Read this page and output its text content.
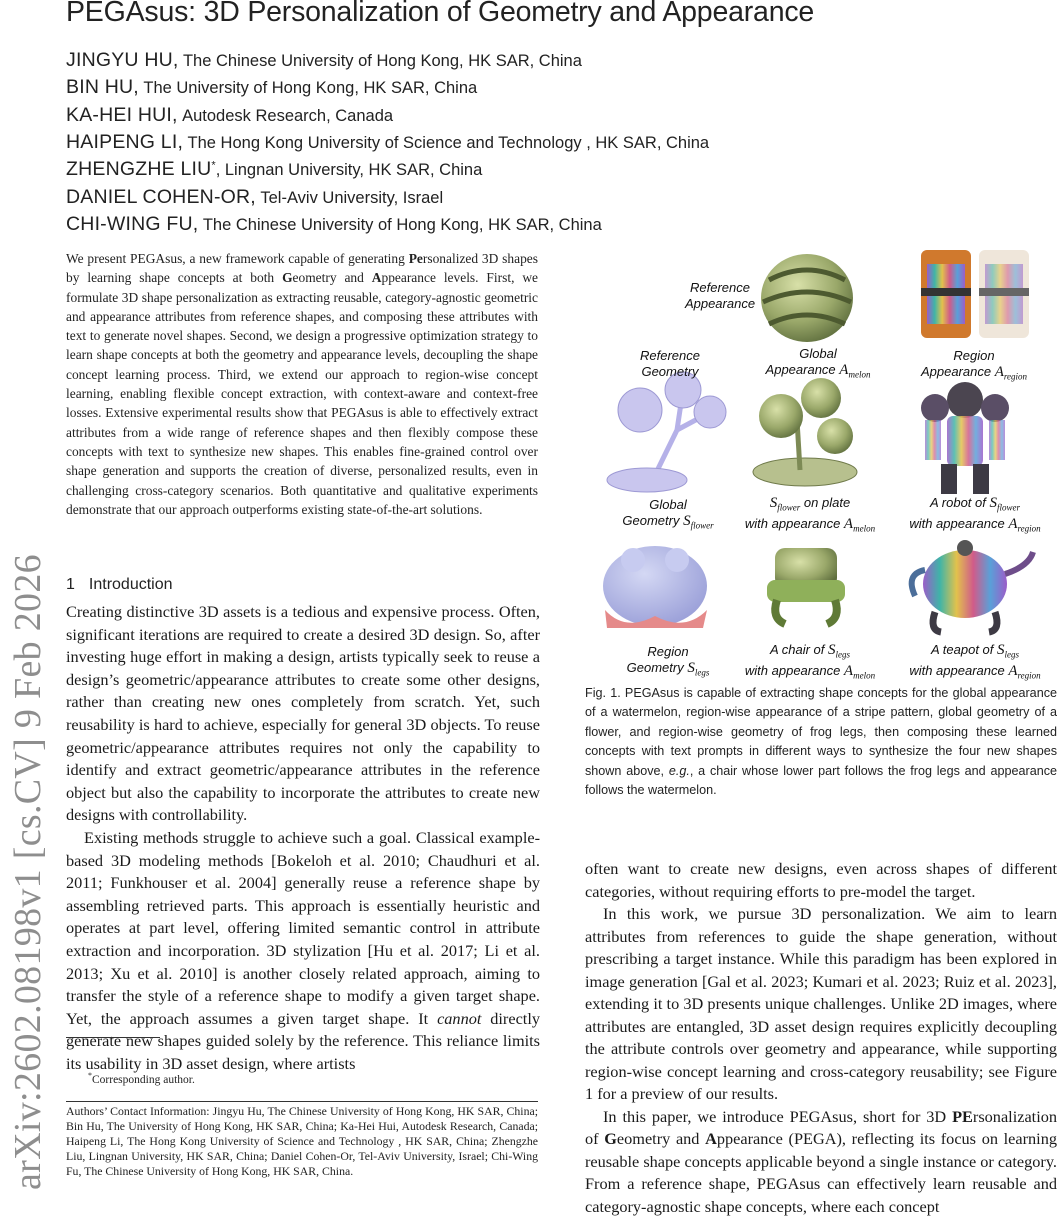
arXiv:2602.08198v1 [cs.CV] 9 Feb 2026
PEGAsus: 3D Personalization of Geometry and Appearance
JINGYU HU, The Chinese University of Hong Kong, HK SAR, China
BIN HU, The University of Hong Kong, HK SAR, China
KA-HEI HUI, Autodesk Research, Canada
HAIPENG LI, The Hong Kong University of Science and Technology , HK SAR, China
ZHENGZHE LIU*, Lingnan University, HK SAR, China
DANIEL COHEN-OR, Tel-Aviv University, Israel
CHI-WING FU, The Chinese University of Hong Kong, HK SAR, China
We present PEGAsus, a new framework capable of generating Personalized 3D shapes by learning shape concepts at both Geometry and Appearance levels. First, we formulate 3D shape personalization as extracting reusable, category-agnostic geometric and appearance attributes from reference shapes, and composing these attributes with text to generate novel shapes. Second, we design a progressive optimization strategy to learn shape concepts at both the geometry and appearance levels, decoupling the shape concept learning process. Third, we extend our approach to region-wise concept learning, enabling flexible concept extraction, with context-aware and context-free losses. Extensive experimental results show that PEGAsus is able to effectively extract attributes from a wide range of reference shapes and then flexibly compose these concepts with text to synthesize new shapes. This enables fine-grained control over shape generation and supports the creation of diverse, personalized results, even in challenging cross-category scenarios. Both quantitative and qualitative experiments demonstrate that our approach outperforms existing state-of-the-art solutions.
1 Introduction

Creating distinctive 3D assets is a tedious and expensive process. Often, significant iterations are required to create a desired 3D design. So, after investing huge effort in making a design, artists typically seek to reuse a design’s geometric/appearance attributes to create some other designs, rather than creating new ones completely from scratch. Yet, such reusability is hard to achieve, especially for general 3D objects. To reuse geometric/appearance attributes requires not only the capability to identify and extract geometric/appearance attributes in the reference object but also the capability to incorporate the attributes to create new designs with controllability.

Existing methods struggle to achieve such a goal. Classical example-based 3D modeling methods [Bokeloh et al. 2010; Chaudhuri et al. 2011; Funkhouser et al. 2004] generally reuse a reference shape by assembling retrieved parts. This approach is essentially heuristic and operates at part level, offering limited semantic control in attribute extraction and incorporation. 3D stylization [Hu et al. 2017; Li et al. 2013; Xu et al. 2010] is another closely related approach, aiming to transfer the style of a reference shape to modify a given target shape. Yet, the approach assumes a given target shape. It cannot directly generate new shapes guided solely by the reference. This reliance limits its usability in 3D asset design, where artists

*Corresponding author.
Authors’ Contact Information: Jingyu Hu, The Chinese University of Hong Kong, HK SAR, China; Bin Hu, The University of Hong Kong, HK SAR, China; Ka-Hei Hui, Autodesk Research, Canada; Haipeng Li, The Hong Kong University of Science and Technology , HK SAR, China; Zhengzhe Liu, Lingnan University, HK SAR, China; Daniel Cohen-Or, Tel-Aviv University, Israel; Chi-Wing Fu, The Chinese University of Hong Kong, HK SAR, China.
Reference
Appearance
Global
Appearance $A_{melon}$
Region
Appearance $A_{region}$
Reference
Geometry
Global
Geometry $S_{flower}$
$S_{flower}$ on plate
with appearance $A_{melon}$
A robot of $S_{flower}$
with appearance $A_{region}$
Region
Geometry $S_{legs}$
A chair of $S_{legs}$
with appearance $A_{melon}$
A teapot of $S_{legs}$
with appearance $A_{region}$
Fig. 1. PEGAsus is capable of extracting shape concepts for the global appearance of a watermelon, region-wise appearance of a stripe pattern, global geometry of a flower, and region-wise geometry of frog legs, then composing these learned concepts with text prompts in different ways to synthesize the four new shapes shown above, e.g., a chair whose lower part follows the frog legs and appearance follows the watermelon.

often want to create new designs, even across shapes of different categories, without requiring efforts to pre-model the target.

In this work, we pursue 3D personalization. We aim to learn attributes from references to guide the shape generation, without prescribing a target instance. While this paradigm has been explored in image generation [Gal et al. 2023; Kumari et al. 2023; Ruiz et al. 2023], extending it to 3D presents unique challenges. Unlike 2D images, where attributes are entangled, 3D asset design requires explicitly decoupling the attribute controls over geometry and appearance, while supporting region-wise concept learning and cross-category reusability; see Figure 1 for a preview of our results.

In this paper, we introduce PEGAsus, short for 3D PErsonalization of Geometry and Appearance (PEGA), reflecting its focus on learning reusable shape concepts applicable beyond a single instance or category. From a reference shape, PEGAsus can effectively learn reusable and category-agnostic shape concepts, where each concept
